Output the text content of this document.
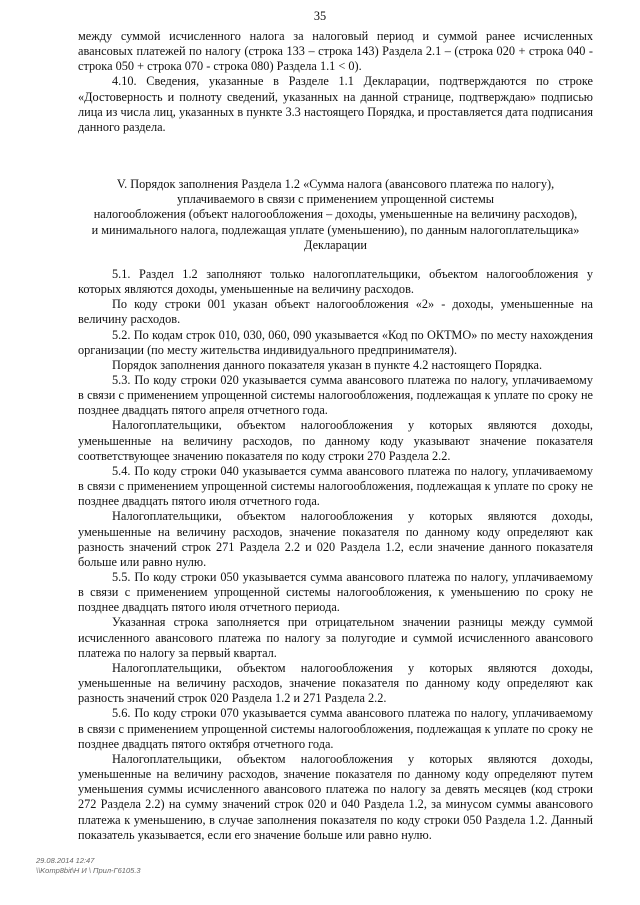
35

между суммой исчисленного налога за налоговый период и суммой ранее исчисленных авансовых платежей по налогу (строка 133 – строка 143) Раздела 2.1 – (строка 020 + строка 040 - строка 050 + строка 070 - строка 080) Раздела 1.1 < 0).

4.10. Сведения, указанные в Разделе 1.1 Декларации, подтверждаются по строке «Достоверность и полноту сведений, указанных на данной странице, подтверждаю» подписью лица из числа лиц, указанных в пункте 3.3 настоящего Порядка, и проставляется дата подписания данного раздела.

V. Порядок заполнения Раздела 1.2 «Сумма налога (авансового платежа по налогу),
уплачиваемого в связи с применением упрощенной системы
налогообложения (объект налогообложения – доходы, уменьшенные на величину расходов),
и минимального налога, подлежащая уплате (уменьшению), по данным налогоплательщика»
Декларации

5.1. Раздел 1.2 заполняют только налогоплательщики, объектом налогообложения у которых являются доходы, уменьшенные на величину расходов.

По коду строки 001 указан объект налогообложения «2» - доходы, уменьшенные на величину расходов.

5.2. По кодам строк 010, 030, 060, 090 указывается «Код по ОКТМО» по месту нахождения организации (по месту жительства индивидуального предпринимателя).

Порядок заполнения данного показателя указан в пункте 4.2 настоящего Порядка.

5.3. По коду строки 020 указывается сумма авансового платежа по налогу, уплачиваемому в связи с применением упрощенной системы налогообложения, подлежащая к уплате по сроку не позднее двадцать пятого апреля отчетного года.

Налогоплательщики, объектом налогообложения у которых являются доходы, уменьшенные на величину расходов, по данному коду указывают значение показателя соответствующее значению показателя по коду строки 270 Раздела 2.2.

5.4. По коду строки 040 указывается сумма авансового платежа по налогу, уплачиваемому в связи с применением упрощенной системы налогообложения, подлежащая к уплате по сроку не позднее двадцать пятого июля отчетного года.

Налогоплательщики, объектом налогообложения у которых являются доходы, уменьшенные на величину расходов, значение показателя по данному коду определяют как разность значений строк 271 Раздела 2.2 и 020 Раздела 1.2, если значение данного показателя больше или равно нулю.

5.5. По коду строки 050 указывается сумма авансового платежа по налогу, уплачиваемому в связи с применением упрощенной системы налогообложения, к уменьшению по сроку не позднее двадцать пятого июля отчетного периода.

Указанная строка заполняется при отрицательном значении разницы между суммой исчисленного авансового платежа по налогу за полугодие и суммой исчисленного авансового платежа по налогу за первый квартал.

Налогоплательщики, объектом налогообложения у которых являются доходы, уменьшенные на величину расходов, значение показателя по данному коду определяют как разность значений строк 020 Раздела 1.2 и 271 Раздела 2.2.

5.6. По коду строки 070 указывается сумма авансового платежа по налогу, уплачиваемому в связи с применением упрощенной системы налогообложения, подлежащая к уплате по сроку не позднее двадцать пятого октября отчетного года.

Налогоплательщики, объектом налогообложения у которых являются доходы, уменьшенные на величину расходов, значение показателя по данному коду определяют путем уменьшения суммы исчисленного авансового платежа по налогу за девять месяцев (код строки 272 Раздела 2.2) на сумму значений строк 020 и 040 Раздела 1.2, за минусом суммы авансового платежа к уменьшению, в случае заполнения показателя по коду строки 050 Раздела 1.2. Данный показатель указывается, если его значение больше или равно нулю.

29.08.2014 12:47
\\Komp8bit\Н И \ Прил-Г6105.3
